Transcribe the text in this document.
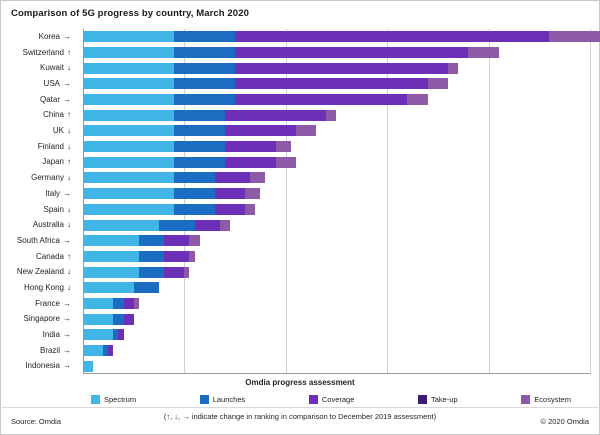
Comparison of 5G progress by country, March 2020
Korea →
Switzerland ↑
Kuwait ↓
USA →
Qatar →
China ↑
UK ↓
Finland ↓
Japan ↑
Germany ↓
Italy →
Spain ↓
Australia ↓
South Africa →
Canada ↑
New Zealand ↓
Hong Kong ↓
France →
Singapore →
India →
Brazil →
Indonesia →
Omdia progress assessment
Spectrum	Launches	Coverage	Take-up	Ecosystem
(↑, ↓, → indicate change in ranking in comparison to December 2019 assessment)
Source: Omdia	© 2020 Omdia
